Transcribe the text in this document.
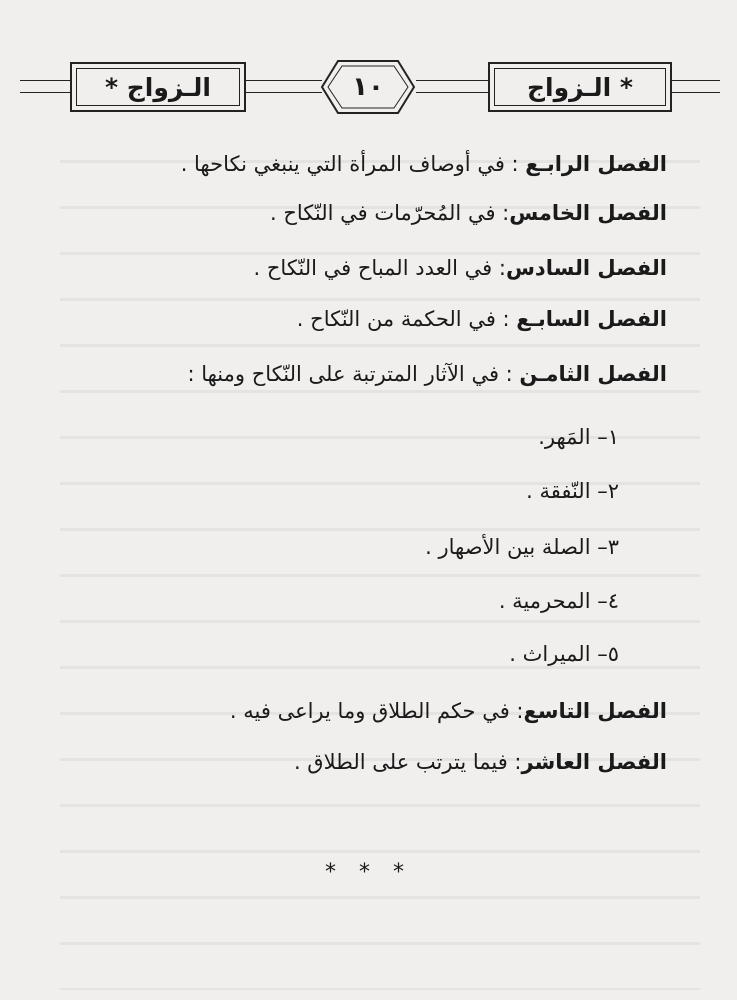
الـزواج *	١٠	* الـزواج
الفصل الرابـع : في أوصاف المرأة التي ينبغي نكاحها .
الفصل الخامس: في المُحرّمات في النّكاح .
الفصل السادس: في العدد المباح في النّكاح .
الفصل السابـع : في الحكمة من النّكاح .
الفصل الثامـن : في الآثار المترتبة على النّكاح ومنها :
١– المَهر.
٢– النّفقة .
٣– الصلة بين الأصهار .
٤– المحرمية .
٥– الميراث .
الفصل التاسع: في حكم الطلاق وما يراعى فيه .
الفصل العاشر: فيما يترتب على الطلاق .
* * *
